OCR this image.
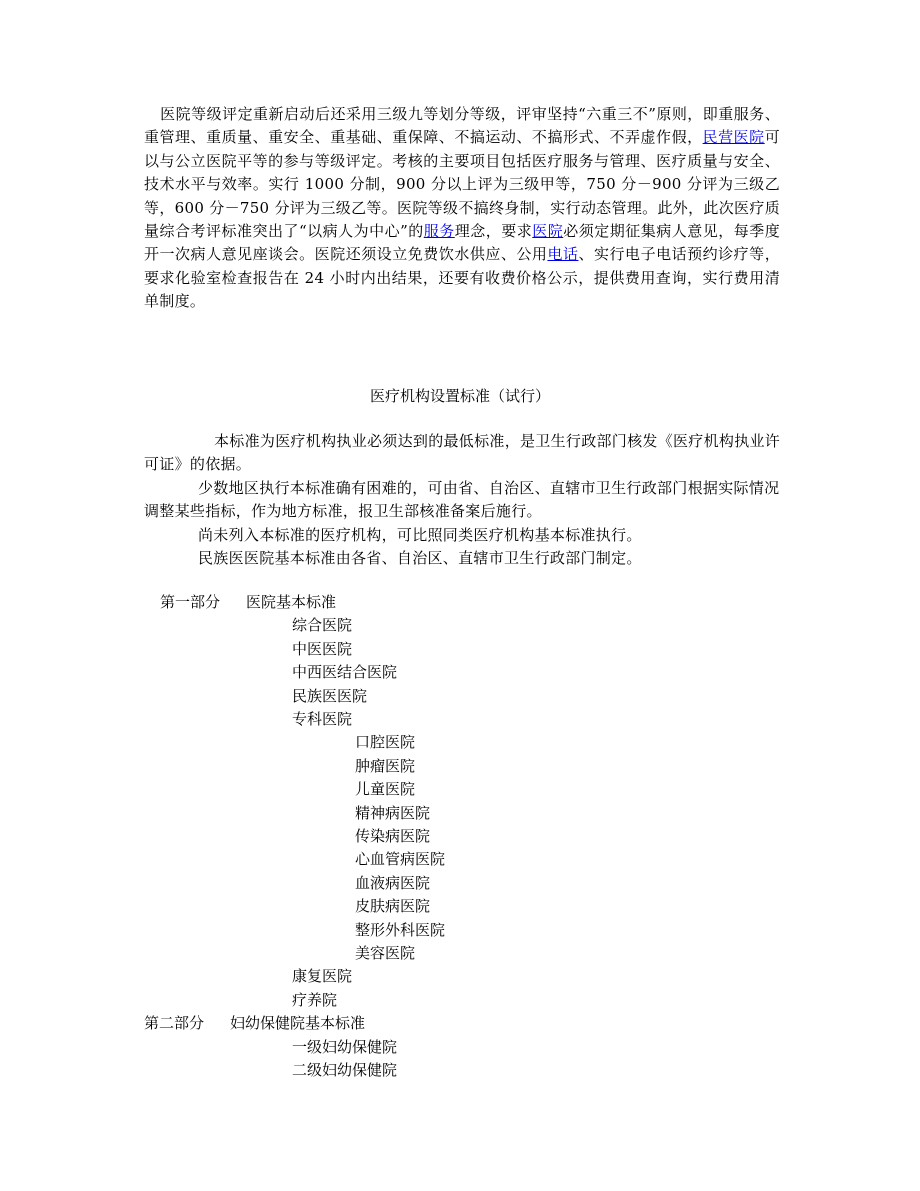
医院等级评定重新启动后还采用三级九等划分等级，评审坚持“六重三不”原则，即重服务、重管理、重质量、重安全、重基础、重保障、不搞运动、不搞形式、不弄虚作假，民营医院可以与公立医院平等的参与等级评定。考核的主要项目包括医疗服务与管理、医疗质量与安全、技术水平与效率。实行 1000 分制，900 分以上评为三级甲等，750 分－900 分评为三级乙等，600 分－750 分评为三级乙等。医院等级不搞终身制，实行动态管理。此外，此次医疗质量综合考评标准突出了“以病人为中心”的服务理念，要求医院必须定期征集病人意见，每季度开一次病人意见座谈会。医院还须设立免费饮水供应、公用电话、实行电子电话预约诊疗等，要求化验室检查报告在 24 小时内出结果，还要有收费价格公示，提供费用查询，实行费用清单制度。
医疗机构设置标准（试行）

本标准为医疗机构执业必须达到的最低标准，是卫生行政部门核发《医疗机构执业许可证》的依据。

少数地区执行本标准确有困难的，可由省、自治区、直辖市卫生行政部门根据实际情况调整某些指标，作为地方标准，报卫生部核准备案后施行。

尚未列入本标准的医疗机构，可比照同类医疗机构基本标准执行。

民族医医院基本标准由各省、自治区、直辖市卫生行政部门制定。

第一部分 医院基本标准
综合医院
中医医院
中西医结合医院
民族医医院
专科医院
口腔医院
肿瘤医院
儿童医院
精神病医院
传染病医院
心血管病医院
血液病医院
皮肤病医院
整形外科医院
美容医院
康复医院
疗养院
第二部分 妇幼保健院基本标准
一级妇幼保健院
二级妇幼保健院
